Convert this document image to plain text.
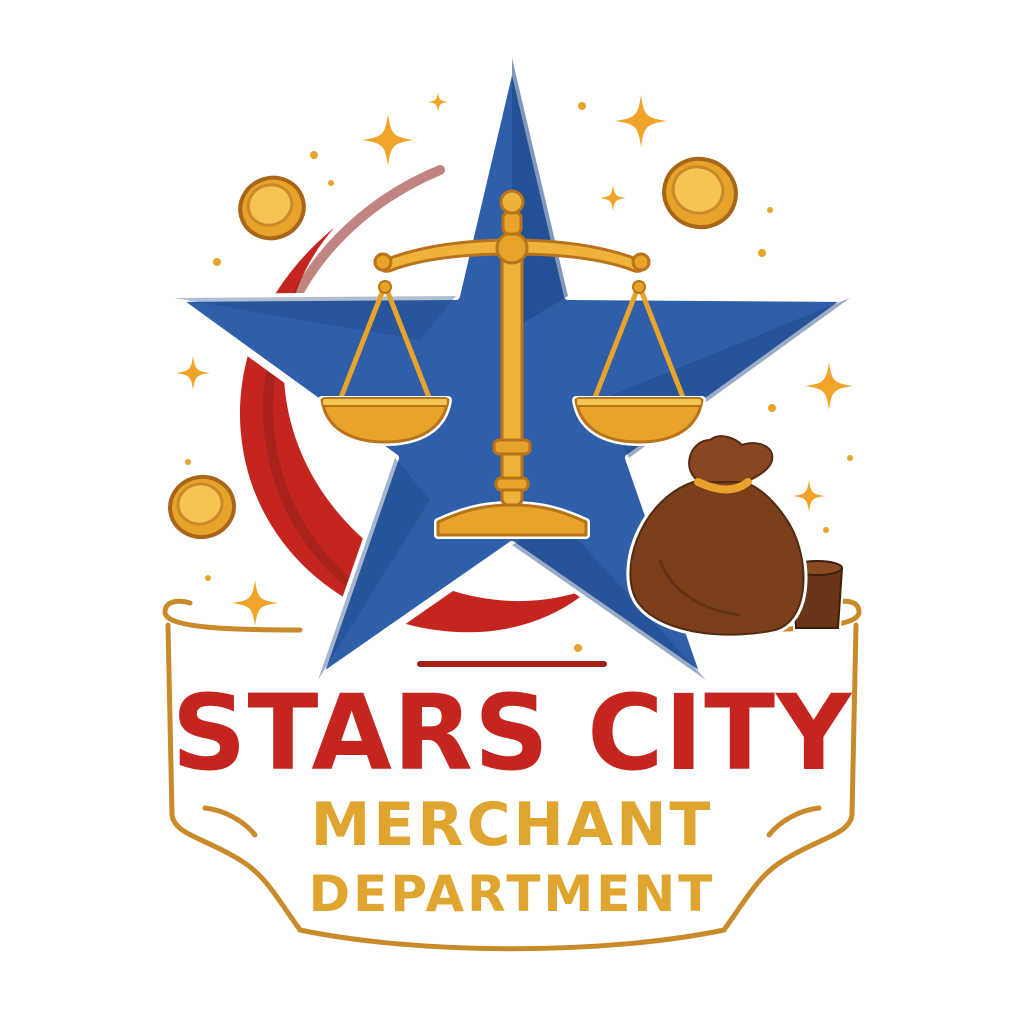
STARS CITY
MERCHANT
DEPARTMENT
